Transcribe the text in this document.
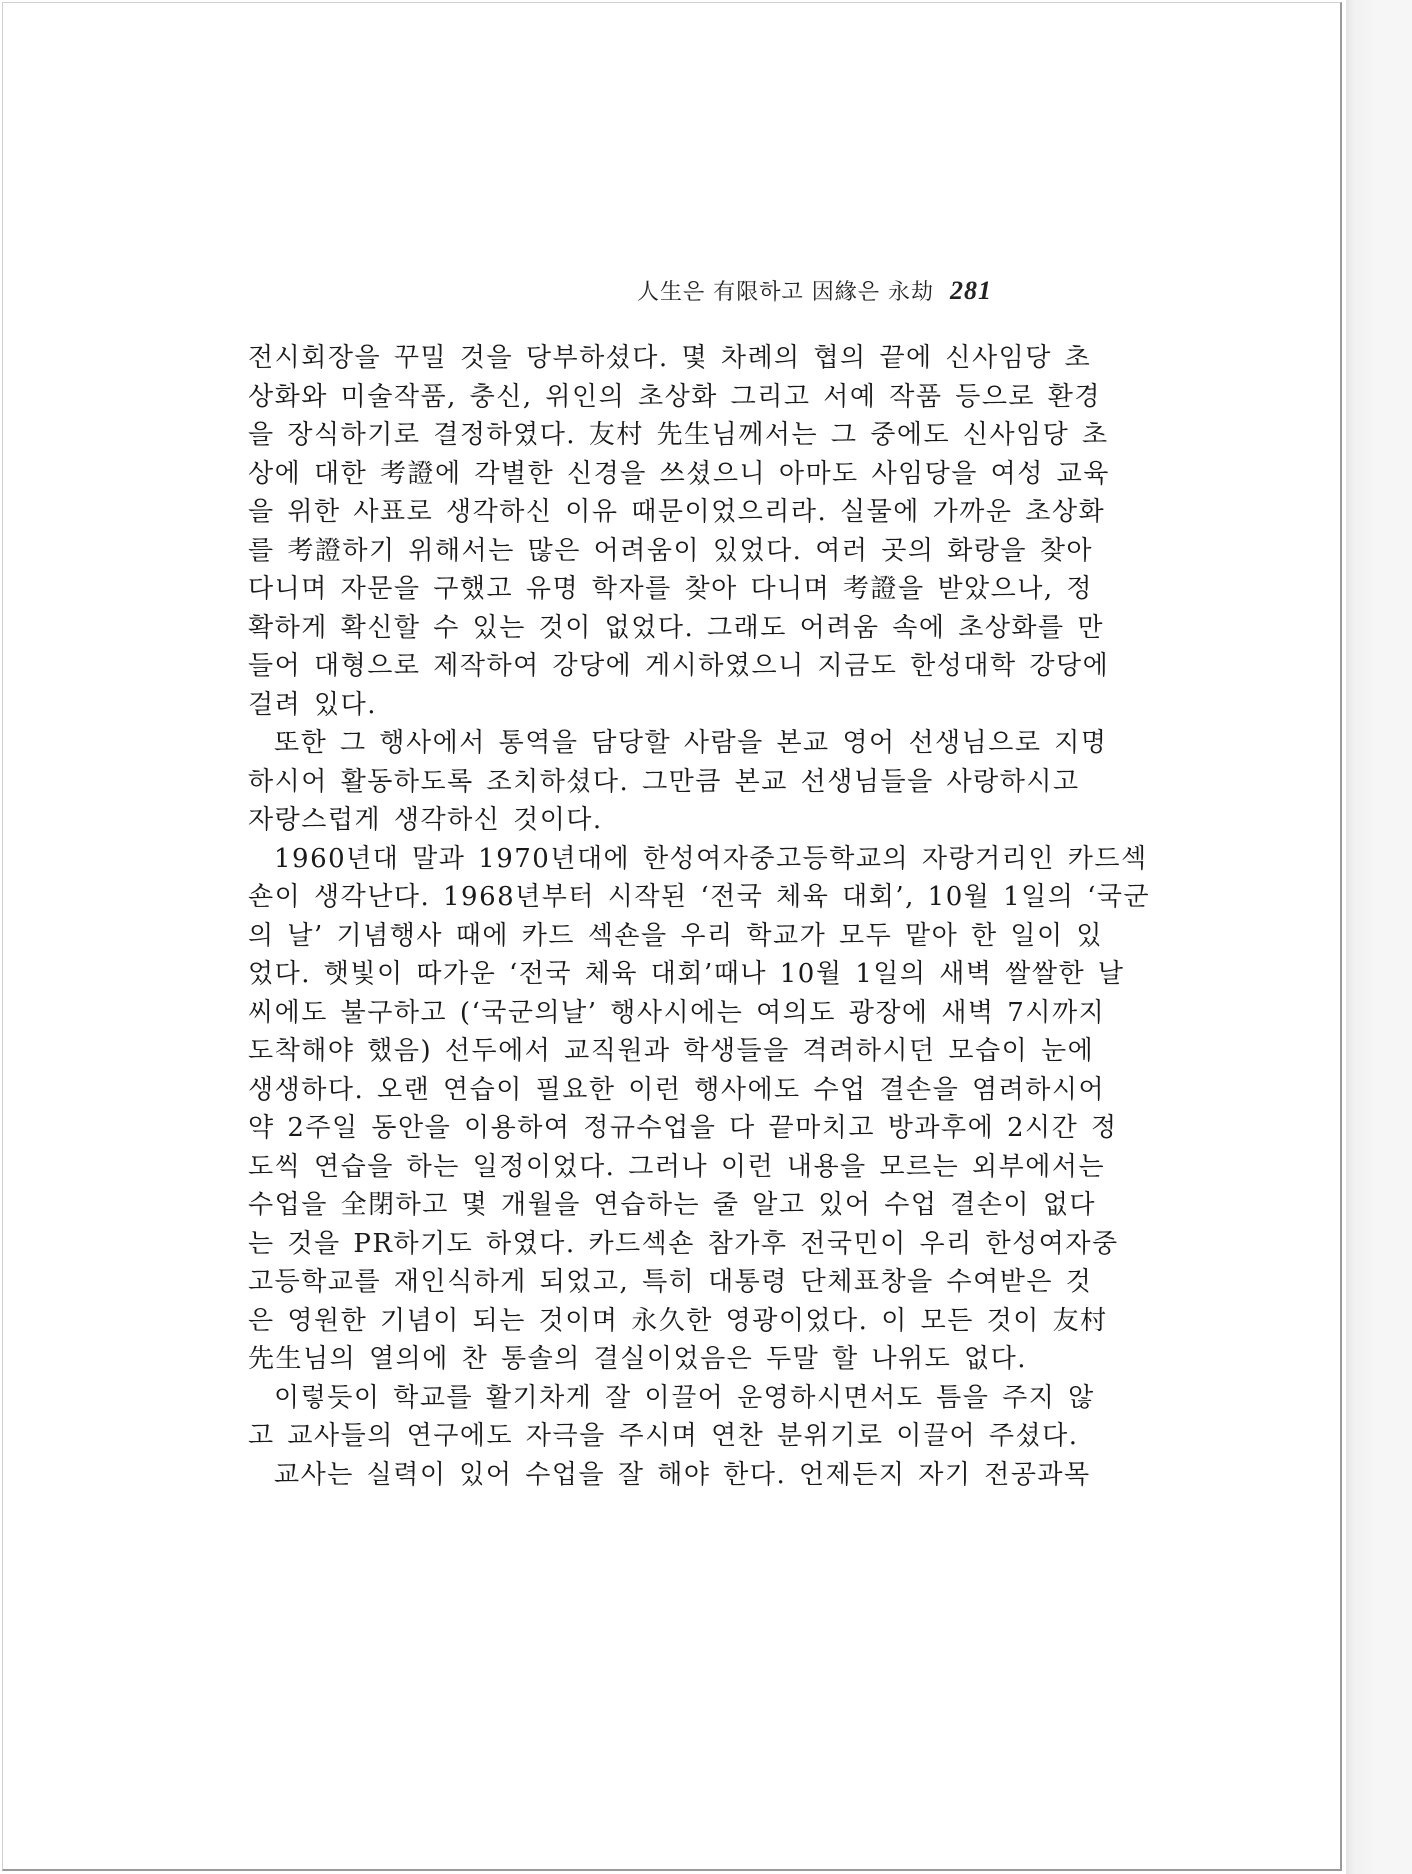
人生은 有限하고 因緣은 永劫 281

전시회장을 꾸밀 것을 당부하셨다. 몇 차례의 협의 끝에 신사임당 초
상화와 미술작품, 충신, 위인의 초상화 그리고 서예 작품 등으로 환경
을 장식하기로 결정하였다. 友村 先生님께서는 그 중에도 신사임당 초
상에 대한 考證에 각별한 신경을 쓰셨으니 아마도 사임당을 여성 교육
을 위한 사표로 생각하신 이유 때문이었으리라. 실물에 가까운 초상화
를 考證하기 위해서는 많은 어려움이 있었다. 여러 곳의 화랑을 찾아
다니며 자문을 구했고 유명 학자를 찾아 다니며 考證을 받았으나, 정
확하게 확신할 수 있는 것이 없었다. 그래도 어려움 속에 초상화를 만
들어 대형으로 제작하여 강당에 게시하였으니 지금도 한성대학 강당에
걸려 있다.

또한 그 행사에서 통역을 담당할 사람을 본교 영어 선생님으로 지명
하시어 활동하도록 조치하셨다. 그만큼 본교 선생님들을 사랑하시고
자랑스럽게 생각하신 것이다.

1960년대 말과 1970년대에 한성여자중고등학교의 자랑거리인 카드섹
숀이 생각난다. 1968년부터 시작된 ‘전국 체육 대회’, 10월 1일의 ‘국군
의 날’ 기념행사 때에 카드 섹숀을 우리 학교가 모두 맡아 한 일이 있
었다. 햇빛이 따가운 ‘전국 체육 대회’때나 10월 1일의 새벽 쌀쌀한 날
씨에도 불구하고 (‘국군의날’ 행사시에는 여의도 광장에 새벽 7시까지
도착해야 했음) 선두에서 교직원과 학생들을 격려하시던 모습이 눈에
생생하다. 오랜 연습이 필요한 이런 행사에도 수업 결손을 염려하시어
약 2주일 동안을 이용하여 정규수업을 다 끝마치고 방과후에 2시간 정
도씩 연습을 하는 일정이었다. 그러나 이런 내용을 모르는 외부에서는
수업을 全閉하고 몇 개월을 연습하는 줄 알고 있어 수업 결손이 없다
는 것을 PR하기도 하였다. 카드섹숀 참가후 전국민이 우리 한성여자중
고등학교를 재인식하게 되었고, 특히 대통령 단체표창을 수여받은 것
은 영원한 기념이 되는 것이며 永久한 영광이었다. 이 모든 것이 友村
先生님의 열의에 찬 통솔의 결실이었음은 두말 할 나위도 없다.

이렇듯이 학교를 활기차게 잘 이끌어 운영하시면서도 틈을 주지 않
고 교사들의 연구에도 자극을 주시며 연찬 분위기로 이끌어 주셨다.

교사는 실력이 있어 수업을 잘 해야 한다. 언제든지 자기 전공과목
